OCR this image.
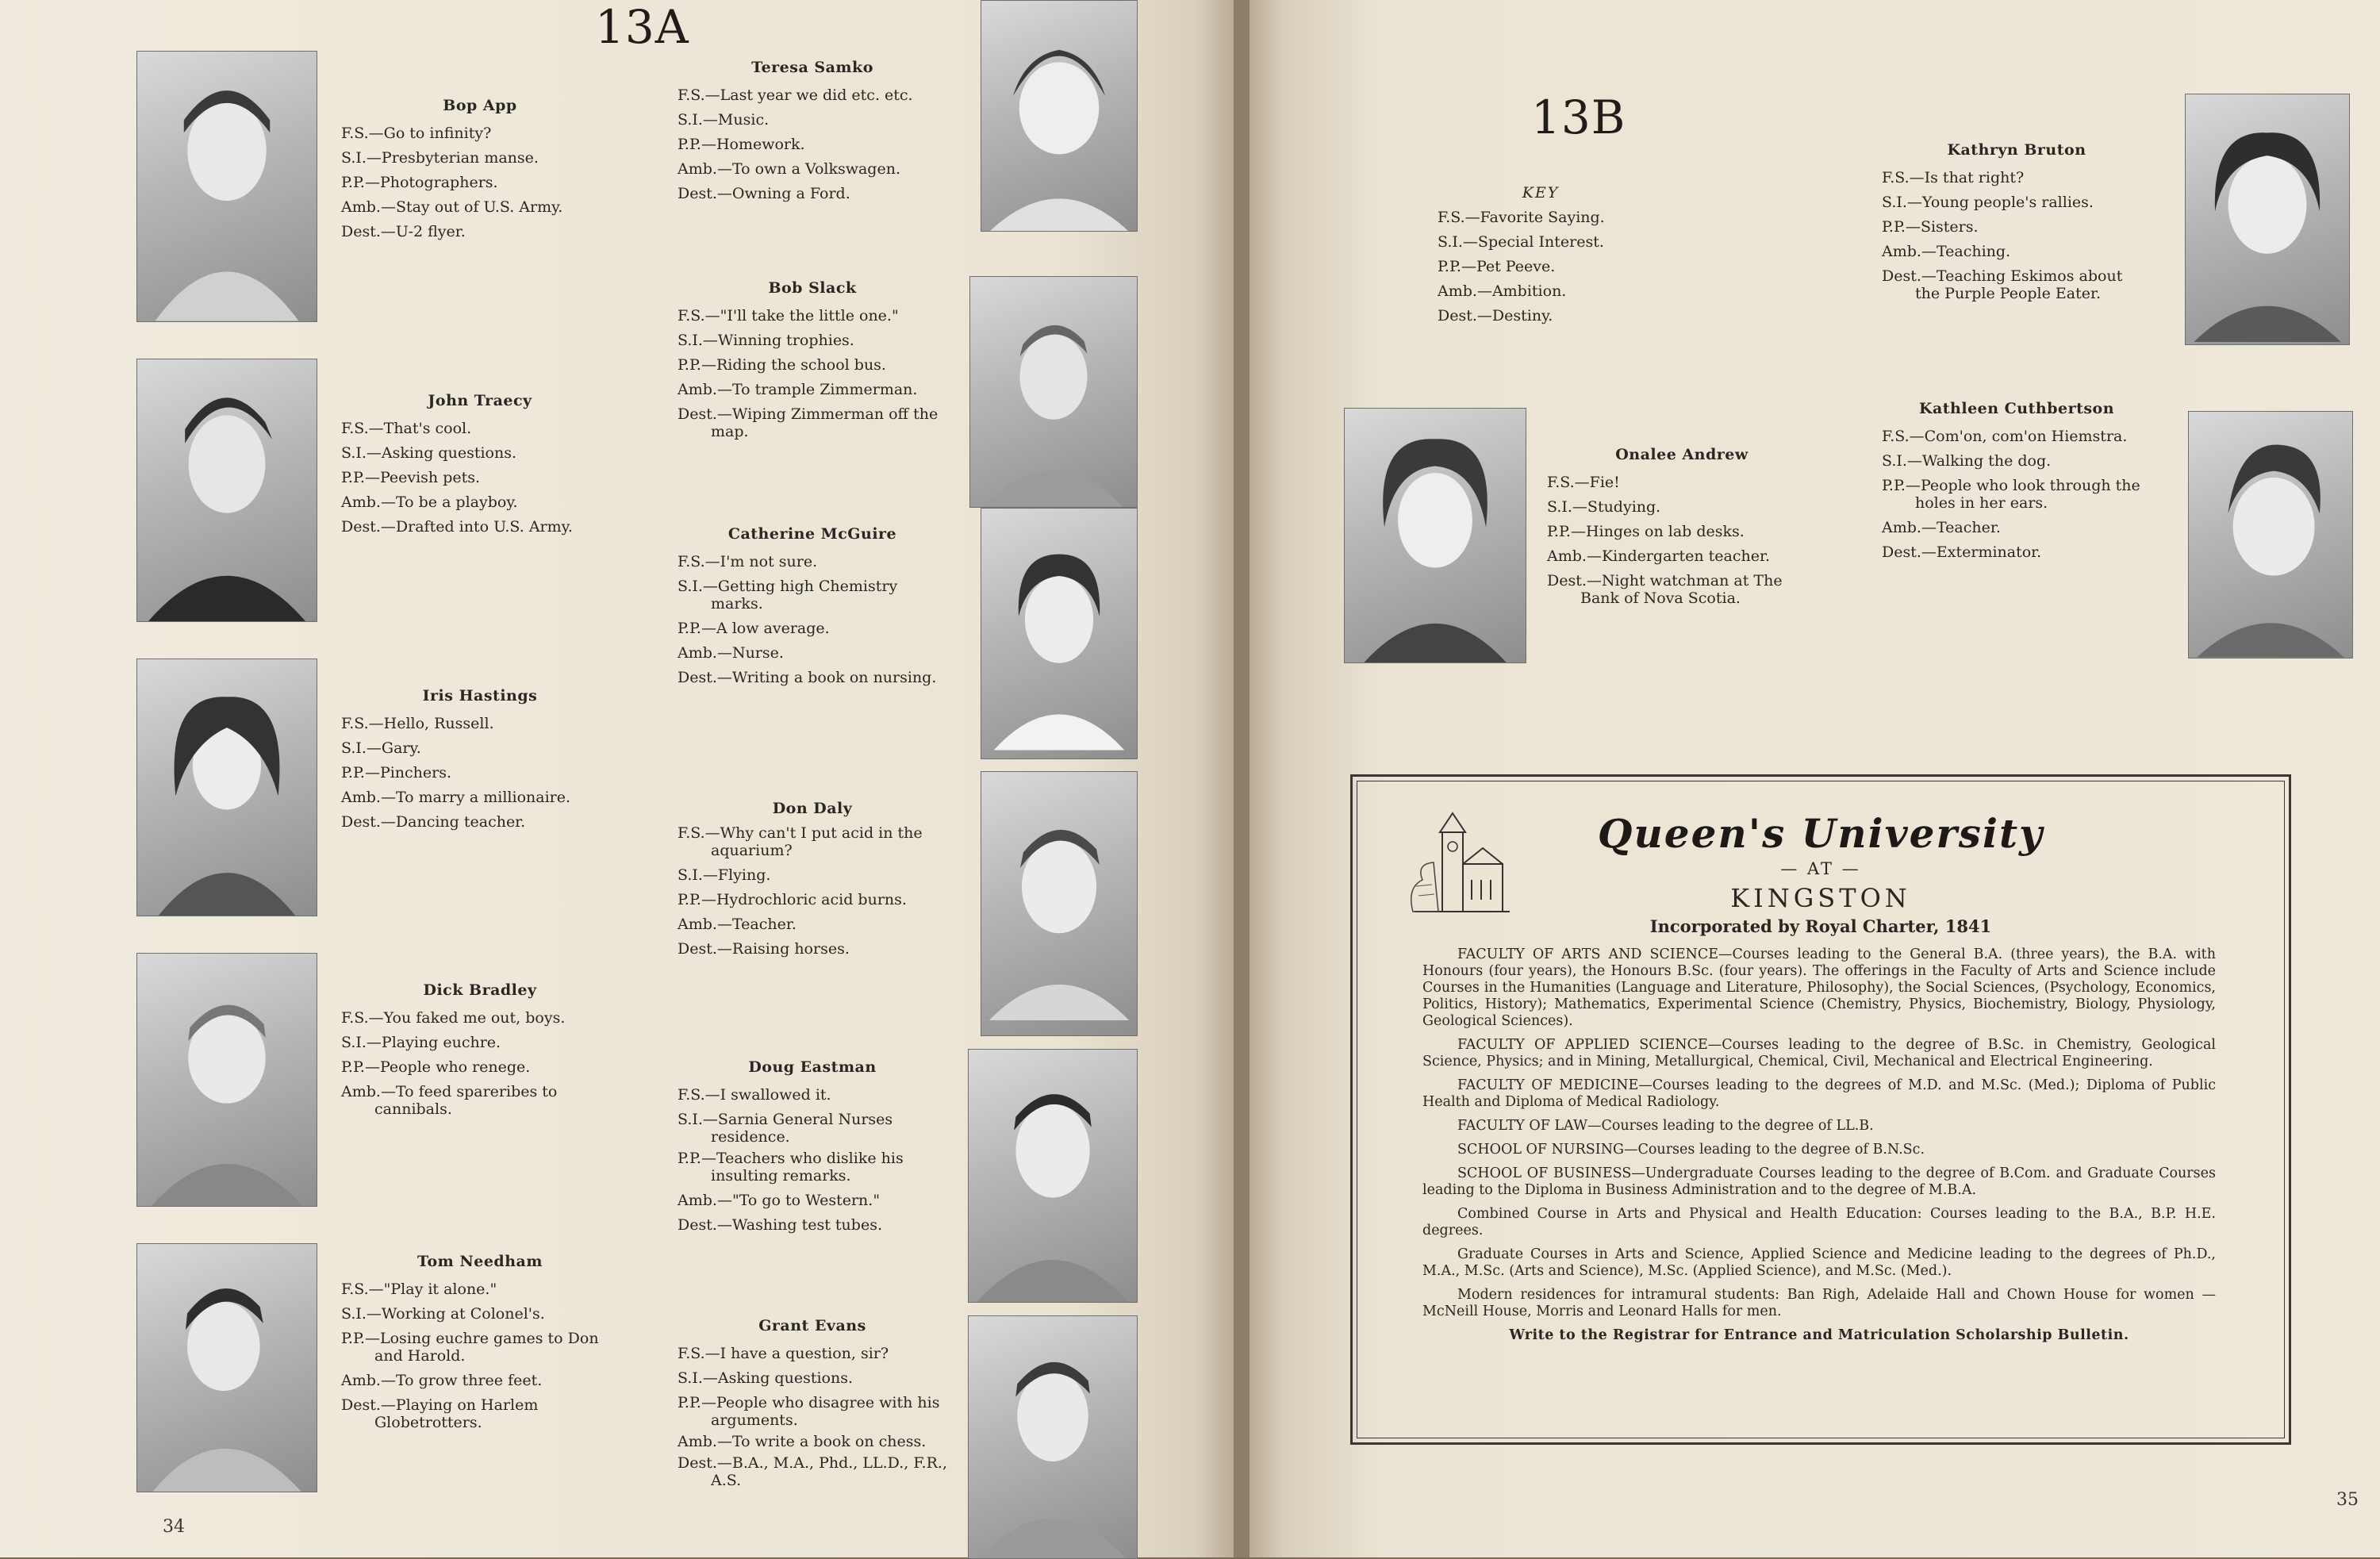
13A
Bop App
F.S.—Go to infinity?
S.I.—Presbyterian manse.
P.P.—Photographers.
Amb.—Stay out of U.S. Army.
Dest.—U-2 flyer.
John Traecy
F.S.—That's cool.
S.I.—Asking questions.
P.P.—Peevish pets.
Amb.—To be a playboy.
Dest.—Drafted into U.S. Army.
Iris Hastings
F.S.—Hello, Russell.
S.I.—Gary.
P.P.—Pinchers.
Amb.—To marry a millionaire.
Dest.—Dancing teacher.
Dick Bradley
F.S.—You faked me out, boys.
S.I.—Playing euchre.
P.P.—People who renege.
Amb.—To feed spareribes to cannibals.
Tom Needham
F.S.—"Play it alone."
S.I.—Working at Colonel's.
P.P.—Losing euchre games to Don and Harold.
Amb.—To grow three feet.
Dest.—Playing on Harlem Globetrotters.
Teresa Samko
F.S.—Last year we did etc. etc.
S.I.—Music.
P.P.—Homework.
Amb.—To own a Volkswagen.
Dest.—Owning a Ford.
Bob Slack
F.S.—"I'll take the little one."
S.I.—Winning trophies.
P.P.—Riding the school bus.
Amb.—To trample Zimmerman.
Dest.—Wiping Zimmerman off the map.
Catherine McGuire
F.S.—I'm not sure.
S.I.—Getting high Chemistry marks.
P.P.—A low average.
Amb.—Nurse.
Dest.—Writing a book on nursing.
Don Daly
F.S.—Why can't I put acid in the aquarium?
S.I.—Flying.
P.P.—Hydrochloric acid burns.
Amb.—Teacher.
Dest.—Raising horses.
Doug Eastman
F.S.—I swallowed it.
S.I.—Sarnia General Nurses residence.
P.P.—Teachers who dislike his insulting remarks.
Amb.—"To go to Western."
Dest.—Washing test tubes.
Grant Evans
F.S.—I have a question, sir?
S.I.—Asking questions.
P.P.—People who disagree with his arguments.
Amb.—To write a book on chess.
Dest.—B.A., M.A., Phd., LL.D., F.R., A.S.
34
13B
KEY
F.S.—Favorite Saying.
S.I.—Special Interest.
P.P.—Pet Peeve.
Amb.—Ambition.
Dest.—Destiny.
Kathryn Bruton
F.S.—Is that right?
S.I.—Young people's rallies.
P.P.—Sisters.
Amb.—Teaching.
Dest.—Teaching Eskimos about the Purple People Eater.
Onalee Andrew
F.S.—Fie!
S.I.—Studying.
P.P.—Hinges on lab desks.
Amb.—Kindergarten teacher.
Dest.—Night watchman at The Bank of Nova Scotia.
Kathleen Cuthbertson
F.S.—Com'on, com'on Hiemstra.
S.I.—Walking the dog.
P.P.—People who look through the holes in her ears.
Amb.—Teacher.
Dest.—Exterminator.
Queen's University
— AT —
KINGSTON
Incorporated by Royal Charter, 1841

FACULTY OF ARTS AND SCIENCE—Courses leading to the General B.A. (three years), the B.A. with Honours (four years), the Honours B.Sc. (four years). The offerings in the Faculty of Arts and Science include Courses in the Humanities (Language and Literature, Philosophy), the Social Sciences, (Psychology, Economics, Politics, History); Mathematics, Experimental Science (Chemistry, Physics, Biochemistry, Biology, Physiology, Geological Sciences).

FACULTY OF APPLIED SCIENCE—Courses leading to the degree of B.Sc. in Chemistry, Geological Science, Physics; and in Mining, Metallurgical, Chemical, Civil, Mechanical and Electrical Engineering.

FACULTY OF MEDICINE—Courses leading to the degrees of M.D. and M.Sc. (Med.); Diploma of Public Health and Diploma of Medical Radiology.

FACULTY OF LAW—Courses leading to the degree of LL.B.

SCHOOL OF NURSING—Courses leading to the degree of B.N.Sc.

SCHOOL OF BUSINESS—Undergraduate Courses leading to the degree of B.Com. and Graduate Courses leading to the Diploma in Business Administration and to the degree of M.B.A.

Combined Course in Arts and Physical and Health Education: Courses leading to the B.A., B.P. H.E. degrees.

Graduate Courses in Arts and Science, Applied Science and Medicine leading to the degrees of Ph.D., M.A., M.Sc. (Arts and Science), M.Sc. (Applied Science), and M.Sc. (Med.).

Modern residences for intramural students: Ban Righ, Adelaide Hall and Chown House for women —McNeill House, Morris and Leonard Halls for men.

Write to the Registrar for Entrance and Matriculation Scholarship Bulletin.

35
